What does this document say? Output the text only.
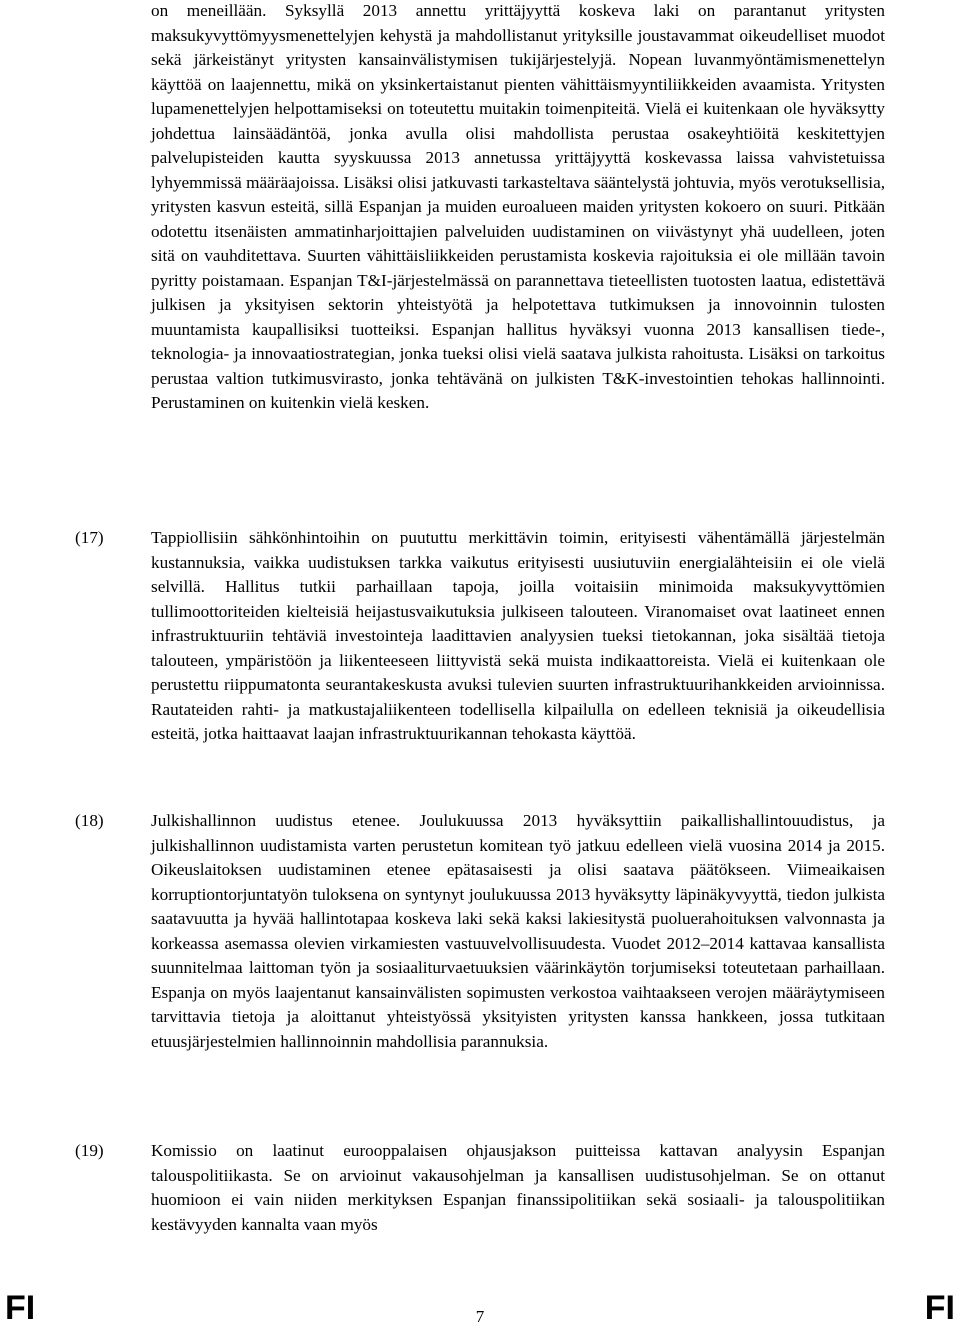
on meneillään. Syksyllä 2013 annettu yrittäjyyttä koskeva laki on parantanut yritysten maksukyvyttömyysmenettelyjen kehystä ja mahdollistanut yrityksille joustavammat oikeudelliset muodot sekä järkeistänyt yritysten kansainvälistymisen tukijärjestelyjä. Nopean luvanmyöntämismenettelyn käyttöä on laajennettu, mikä on yksinkertaistanut pienten vähittäismyyntiliikkeiden avaamista. Yritysten lupamenettelyjen helpottamiseksi on toteutettu muitakin toimenpiteitä. Vielä ei kuitenkaan ole hyväksytty johdettua lainsäädäntöä, jonka avulla olisi mahdollista perustaa osakeyhtiöitä keskitettyjen palvelupisteiden kautta syyskuussa 2013 annetussa yrittäjyyttä koskevassa laissa vahvistetuissa lyhyemmissä määräajoissa. Lisäksi olisi jatkuvasti tarkasteltava sääntelystä johtuvia, myös verotuksellisia, yritysten kasvun esteitä, sillä Espanjan ja muiden euroalueen maiden yritysten kokoero on suuri. Pitkään odotettu itsenäisten ammatinharjoittajien palveluiden uudistaminen on viivästynyt yhä uudelleen, joten sitä on vauhditettava. Suurten vähittäisliikkeiden perustamista koskevia rajoituksia ei ole millään tavoin pyritty poistamaan. Espanjan T&I-järjestelmässä on parannettava tieteellisten tuotosten laatua, edistettävä julkisen ja yksityisen sektorin yhteistyötä ja helpotettava tutkimuksen ja innovoinnin tulosten muuntamista kaupallisiksi tuotteiksi. Espanjan hallitus hyväksyi vuonna 2013 kansallisen tiede-, teknologia- ja innovaatiostrategian, jonka tueksi olisi vielä saatava julkista rahoitusta. Lisäksi on tarkoitus perustaa valtion tutkimusvirasto, jonka tehtävänä on julkisten T&K-investointien tehokas hallinnointi. Perustaminen on kuitenkin vielä kesken.
(17)	Tappiollisiin sähkönhintoihin on puututtu merkittävin toimin, erityisesti vähentämällä järjestelmän kustannuksia, vaikka uudistuksen tarkka vaikutus erityisesti uusiutuviin energialähteisiin ei ole vielä selvillä. Hallitus tutkii parhaillaan tapoja, joilla voitaisiin minimoida maksukyvyttömien tullimoottoriteiden kielteisiä heijastusvaikutuksia julkiseen talouteen. Viranomaiset ovat laatineet ennen infrastruktuuriin tehtäviä investointeja laadittavien analyysien tueksi tietokannan, joka sisältää tietoja talouteen, ympäristöön ja liikenteeseen liittyvistä sekä muista indikaattoreista. Vielä ei kuitenkaan ole perustettu riippumatonta seurantakeskusta avuksi tulevien suurten infrastruktuurihankkeiden arvioinnissa. Rautateiden rahti- ja matkustajaliikenteen todellisella kilpailulla on edelleen teknisiä ja oikeudellisia esteitä, jotka haittaavat laajan infrastruktuurikannan tehokasta käyttöä.
(18)	Julkishallinnon uudistus etenee. Joulukuussa 2013 hyväksyttiin paikallishallintouudistus, ja julkishallinnon uudistamista varten perustetun komitean työ jatkuu edelleen vielä vuosina 2014 ja 2015. Oikeuslaitoksen uudistaminen etenee epätasaisesti ja olisi saatava päätökseen. Viimeaikaisen korruptiontorjuntatyön tuloksena on syntynyt joulukuussa 2013 hyväksytty läpinäkyvyyttä, tiedon julkista saatavuutta ja hyvää hallintotapaa koskeva laki sekä kaksi lakiesitystä puoluerahoituksen valvonnasta ja korkeassa asemassa olevien virkamiesten vastuuvelvollisuudesta. Vuodet 2012–2014 kattavaa kansallista suunnitelmaa laittoman työn ja sosiaaliturvaetuuksien väärinkäytön torjumiseksi toteutetaan parhaillaan. Espanja on myös laajentanut kansainvälisten sopimusten verkostoa vaihtaakseen verojen määräytymiseen tarvittavia tietoja ja aloittanut yhteistyössä yksityisten yritysten kanssa hankkeen, jossa tutkitaan etuusjärjestelmien hallinnoinnin mahdollisia parannuksia.
(19)	Komissio on laatinut eurooppalaisen ohjausjakson puitteissa kattavan analyysin Espanjan talouspolitiikasta. Se on arvioinut vakausohjelman ja kansallisen uudistusohjelman. Se on ottanut huomioon ei vain niiden merkityksen Espanjan finanssipolitiikan sekä sosiaali- ja talouspolitiikan kestävyyden kannalta vaan myös
FI	7	FI
